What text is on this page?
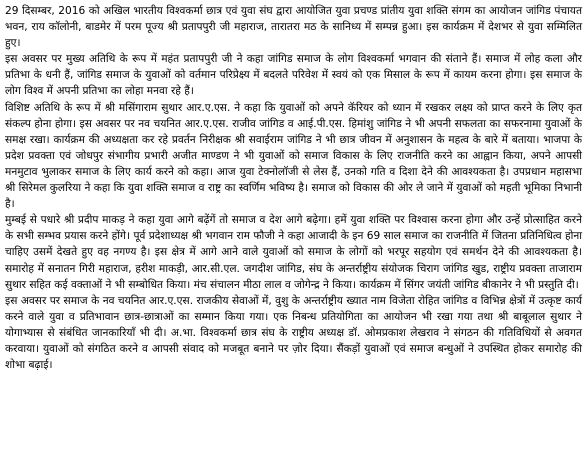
29 दिसम्बर, 2016 को अखिल भारतीय विश्वकर्मा छात्र एवं युवा संघ द्वारा आयोजित युवा प्रचण्ड प्रांतीय युवा शक्ति संगम का आयोजन जांगिड पंचायत भवन, राय कॉलोनी, बाडमेर में परम पूज्य श्री प्रतापपुरी जी महाराज, तारातरा मठ के सानिध्य में सम्पन्न हुआ। इस कार्यक्रम में देशभर से युवा सम्मिलित हुए।

इस अवसर पर मुख्य अतिथि के रूप में महंत प्रतापपुरी जी ने कहा जांगिड समाज के लोग विश्वकर्मा भगवान की संताने हैं। समाज में लोह कला और प्रतिभा के धनी हैं, जांगिड समाज के युवाओं को वर्तमान परिप्रेक्ष्य में बदलते परिवेश में स्वयं को एक मिसाल के रूप में कायम करना होगा। इस समाज के लोग विश्व में अपनी प्रतिभा का लोहा मनवा रहे हैं।

विशिष्ट अतिथि के रूप में श्री मसिंगाराम सुथार आर.ए.एस. ने कहा कि युवाओं को अपने कॅरियर को ध्यान में रखकर लक्ष्य को प्राप्त करने के लिए कृत संकल्प होना होगा। इस अवसर पर नव चयनित आर.ए.एस. राजीव जांगिड व आई.पी.एस. हिमांशु जांगिड ने भी अपनी सफलता का सफरनामा युवाओं के समक्ष रखा। कार्यक्रम की अध्यक्षता कर रहे प्रवर्तन निरीक्षक श्री सवाईराम जांगिड ने भी छात्र जीवन में अनुशासन के महत्व के बारे में बताया। भाजपा के प्रदेश प्रवक्ता एवं जोधपुर संभागीय प्रभारी अजीत माण्डण ने भी युवाओं को समाज विकास के लिए राजनीति करने का आह्वान किया, अपने आपसी मनमुटाव भुलाकर समाज के लिए कार्य करने को कहा। आज युवा टेक्नोलॉजी से लेस हैं, उनको गति व दिशा देने की आवश्यकता है। उपप्रधान महासभा श्री सिरेमल कुलरिया ने कहा कि युवा शक्ति समाज व राष्ट्र का स्वर्णिम भविष्य है। समाज को विकास की ओर ले जाने में युवाओं को महती भूमिका निभानी है।

मुम्बई से पधारे श्री प्रदीप माकड़ ने कहा युवा आगे बढ़ेंगें तो समाज व देश आगे बढ़ेगा। हमें युवा शक्ति पर विश्वास करना होगा और उन्हें प्रोत्साहित करने के सभी सम्भव प्रयास करने होंगे। पूर्व प्रदेशाध्यक्ष श्री भगवान राम फौजी ने कहा आजादी के इन 69 साल समाज का राजनीति में जितना प्रतिनिधित्व होना चाहिए उसमें देखते हुए वह नगण्य है। इस क्षेत्र में आगे आने वाले युवाओं को समाज के लोगों को भरपूर सहयोग एवं समर्थन देने की आवश्यकता है। समारोह में सनातन गिरी महाराज, हरीश माकड़ी, आर.सी.एल. जगदीश जांगिड, संघ के अन्तर्राष्ट्रीय संयोजक चिराग जांगिड खुड, राष्ट्रीय प्रवक्ता ताजाराम सुथार सहित कई वक्ताओं ने भी सम्बोधित किया। मंच संचालन मीठा लाल व जोगेन्द्र ने किया। कार्यक्रम में सिंगर जयंती जांगिड बीकानेर ने भी प्रस्तुति दी।

इस अवसर पर समाज के नव चयनित आर.ए.एस. राजकीय सेवाओं में, वुशु के अन्तर्राष्ट्रीय ख्यात नाम विजेता रोहित जांगिड व विभिन्न क्षेत्रों में उत्कृष्ट कार्य करने वाले युवा व प्रतिभावान छात्र-छात्राओं का सम्मान किया गया। एक निबन्ध प्रतियोगिता का आयोजन भी रखा गया तथा श्री बाबूलाल सुथार ने योगाभ्यास से संबंधित जानकारियाँ भी दी। अ.भा. विश्वकर्मा छात्र संघ के राष्ट्रीय अध्यक्ष डॉ. ओमप्रकाश लेखराव ने संगठन की गतिविधियों से अवगत करवाया। युवाओं को संगठित करने व आपसी संवाद को मजबूत बनाने पर ज़ोर दिया। सैंकड़ों युवाओं एवं समाज बन्धुओं ने उपस्थित होकर समारोह की शोभा बढ़ाई।
